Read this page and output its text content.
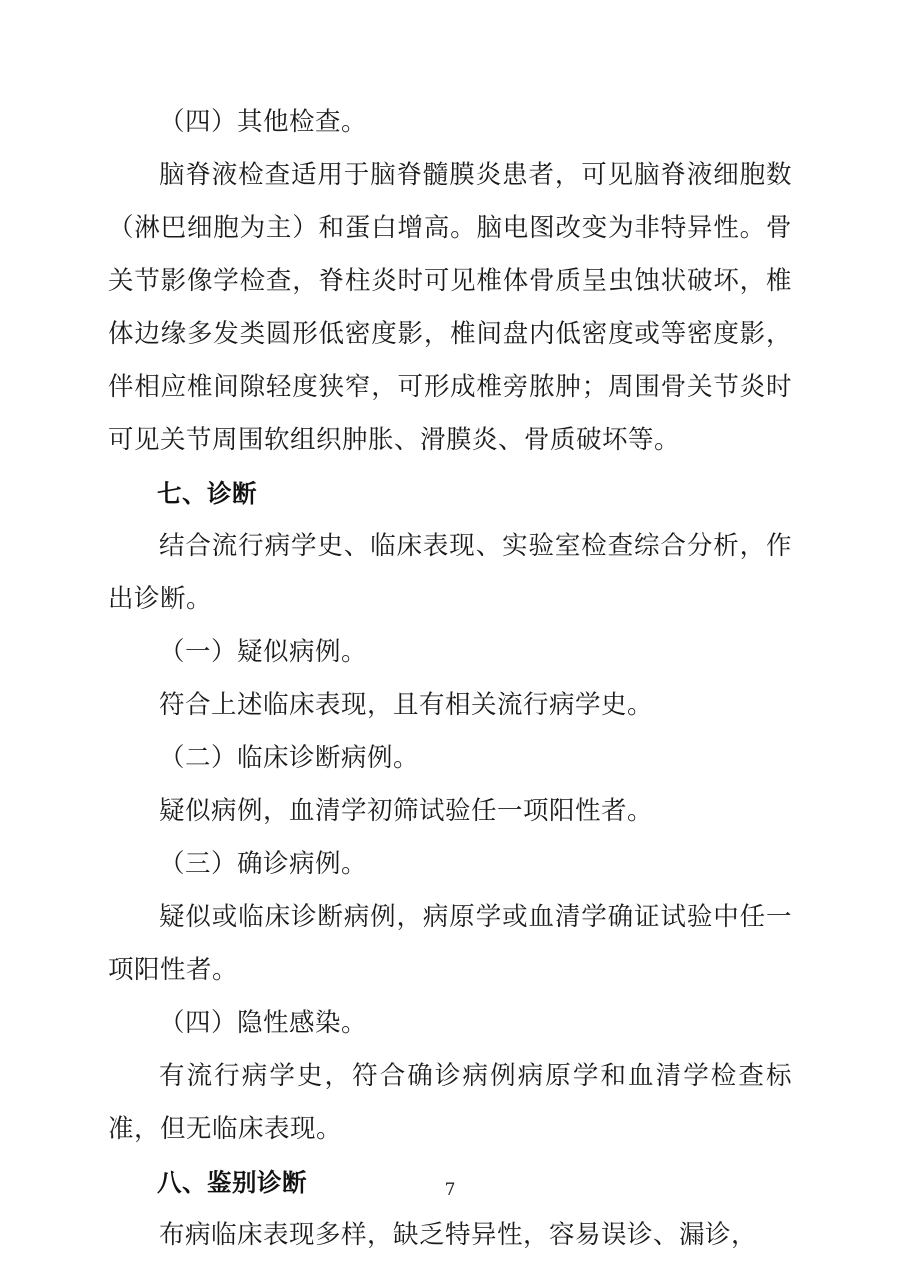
（四）其他检查。

脑脊液检查适用于脑脊髓膜炎患者，可见脑脊液细胞数（淋巴细胞为主）和蛋白增高。脑电图改变为非特异性。骨关节影像学检查，脊柱炎时可见椎体骨质呈虫蚀状破坏，椎体边缘多发类圆形低密度影，椎间盘内低密度或等密度影，伴相应椎间隙轻度狭窄，可形成椎旁脓肿；周围骨关节炎时可见关节周围软组织肿胀、滑膜炎、骨质破坏等。

七、诊断

结合流行病学史、临床表现、实验室检查综合分析，作出诊断。

（一）疑似病例。

符合上述临床表现，且有相关流行病学史。

（二）临床诊断病例。

疑似病例，血清学初筛试验任一项阳性者。

（三）确诊病例。

疑似或临床诊断病例，病原学或血清学确证试验中任一项阳性者。

（四）隐性感染。

有流行病学史，符合确诊病例病原学和血清学检查标准，但无临床表现。

八、鉴别诊断

布病临床表现多样，缺乏特异性，容易误诊、漏诊，

7
